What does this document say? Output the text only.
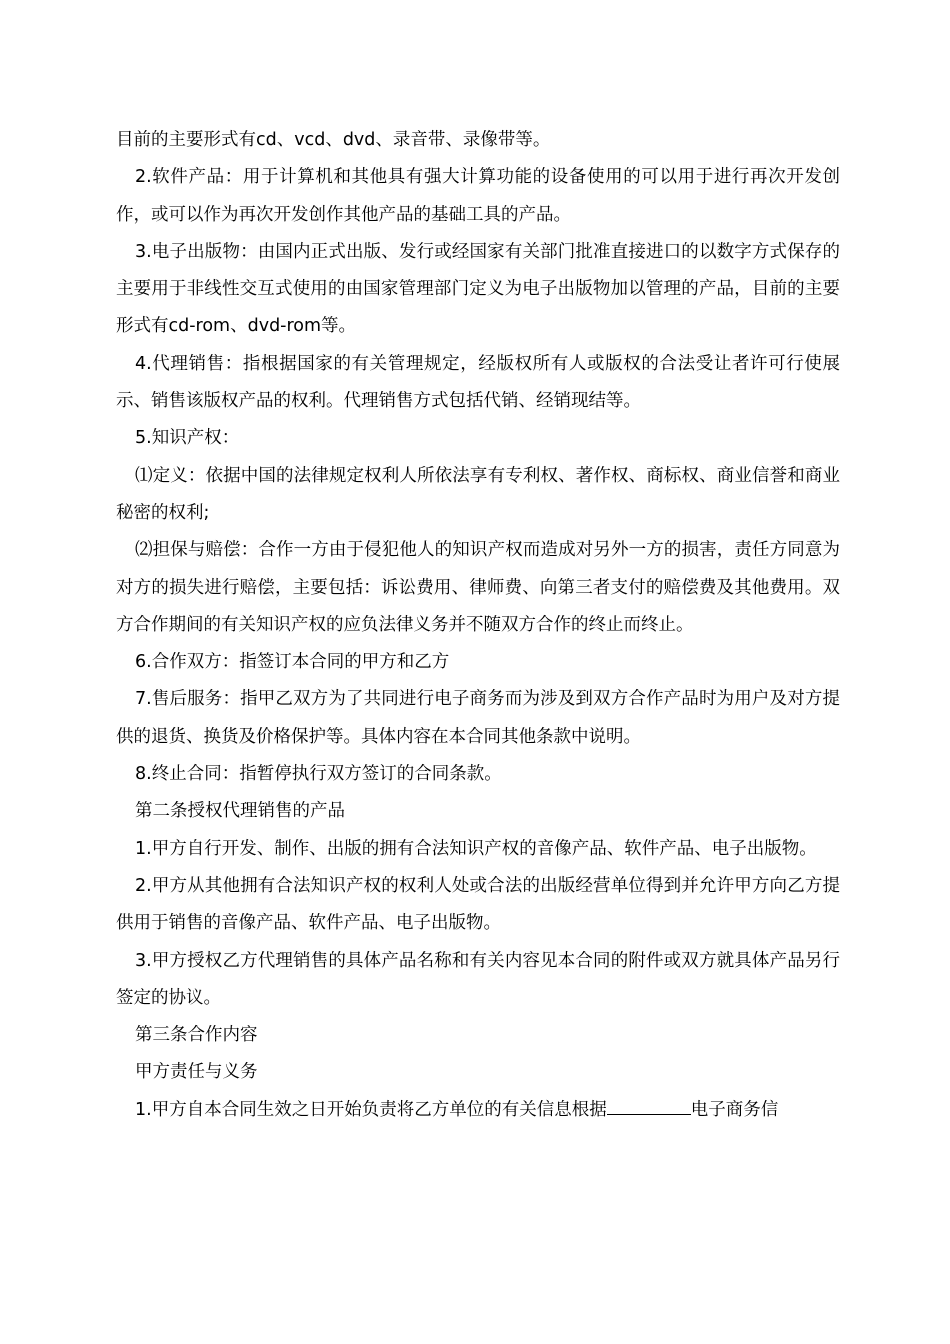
目前的主要形式有cd、vcd、dvd、录音带、录像带等。

2.软件产品：用于计算机和其他具有强大计算功能的设备使用的可以用于进行再次开发创作，或可以作为再次开发创作其他产品的基础工具的产品。

3.电子出版物：由国内正式出版、发行或经国家有关部门批准直接进口的以数字方式保存的主要用于非线性交互式使用的由国家管理部门定义为电子出版物加以管理的产品，目前的主要形式有cd-rom、dvd-rom等。

4.代理销售：指根据国家的有关管理规定，经版权所有人或版权的合法受让者许可行使展示、销售该版权产品的权利。代理销售方式包括代销、经销现结等。

5.知识产权：

⑴定义：依据中国的法律规定权利人所依法享有专利权、著作权、商标权、商业信誉和商业秘密的权利;

⑵担保与赔偿：合作一方由于侵犯他人的知识产权而造成对另外一方的损害，责任方同意为对方的损失进行赔偿，主要包括：诉讼费用、律师费、向第三者支付的赔偿费及其他费用。双方合作期间的有关知识产权的应负法律义务并不随双方合作的终止而终止。

6.合作双方：指签订本合同的甲方和乙方

7.售后服务：指甲乙双方为了共同进行电子商务而为涉及到双方合作产品时为用户及对方提供的退货、换货及价格保护等。具体内容在本合同其他条款中说明。

8.终止合同：指暂停执行双方签订的合同条款。

第二条授权代理销售的产品

1.甲方自行开发、制作、出版的拥有合法知识产权的音像产品、软件产品、电子出版物。

2.甲方从其他拥有合法知识产权的权利人处或合法的出版经营单位得到并允许甲方向乙方提供用于销售的音像产品、软件产品、电子出版物。

3.甲方授权乙方代理销售的具体产品名称和有关内容见本合同的附件或双方就具体产品另行签定的协议。

第三条合作内容

甲方责任与义务

1.甲方自本合同生效之日开始负责将乙方单位的有关信息根据	电子商务信
